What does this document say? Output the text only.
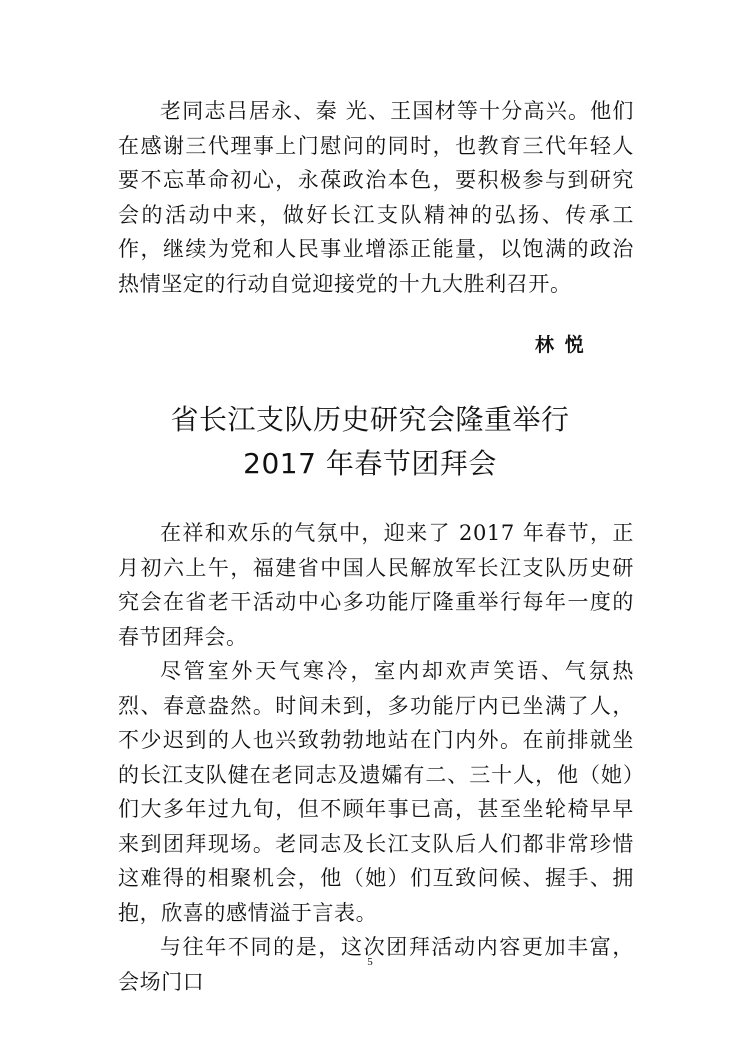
老同志吕居永、秦 光、王国材等十分高兴。他们在感谢三代理事上门慰问的同时，也教育三代年轻人要不忘革命初心，永葆政治本色，要积极参与到研究会的活动中来，做好长江支队精神的弘扬、传承工作，继续为党和人民事业增添正能量，以饱满的政治热情坚定的行动自觉迎接党的十九大胜利召开。

林 悦
省长江支队历史研究会隆重举行
2017 年春节团拜会

在祥和欢乐的气氛中，迎来了 2017 年春节，正月初六上午，福建省中国人民解放军长江支队历史研究会在省老干活动中心多功能厅隆重举行每年一度的春节团拜会。

尽管室外天气寒冷，室内却欢声笑语、气氛热烈、春意盎然。时间未到，多功能厅内已坐满了人，不少迟到的人也兴致勃勃地站在门内外。在前排就坐的长江支队健在老同志及遗孀有二、三十人，他（她）们大多年过九旬，但不顾年事已高，甚至坐轮椅早早来到团拜现场。老同志及长江支队后人们都非常珍惜这难得的相聚机会，他（她）们互致问候、握手、拥抱，欣喜的感情溢于言表。

与往年不同的是，这次团拜活动内容更加丰富，会场门口

5
